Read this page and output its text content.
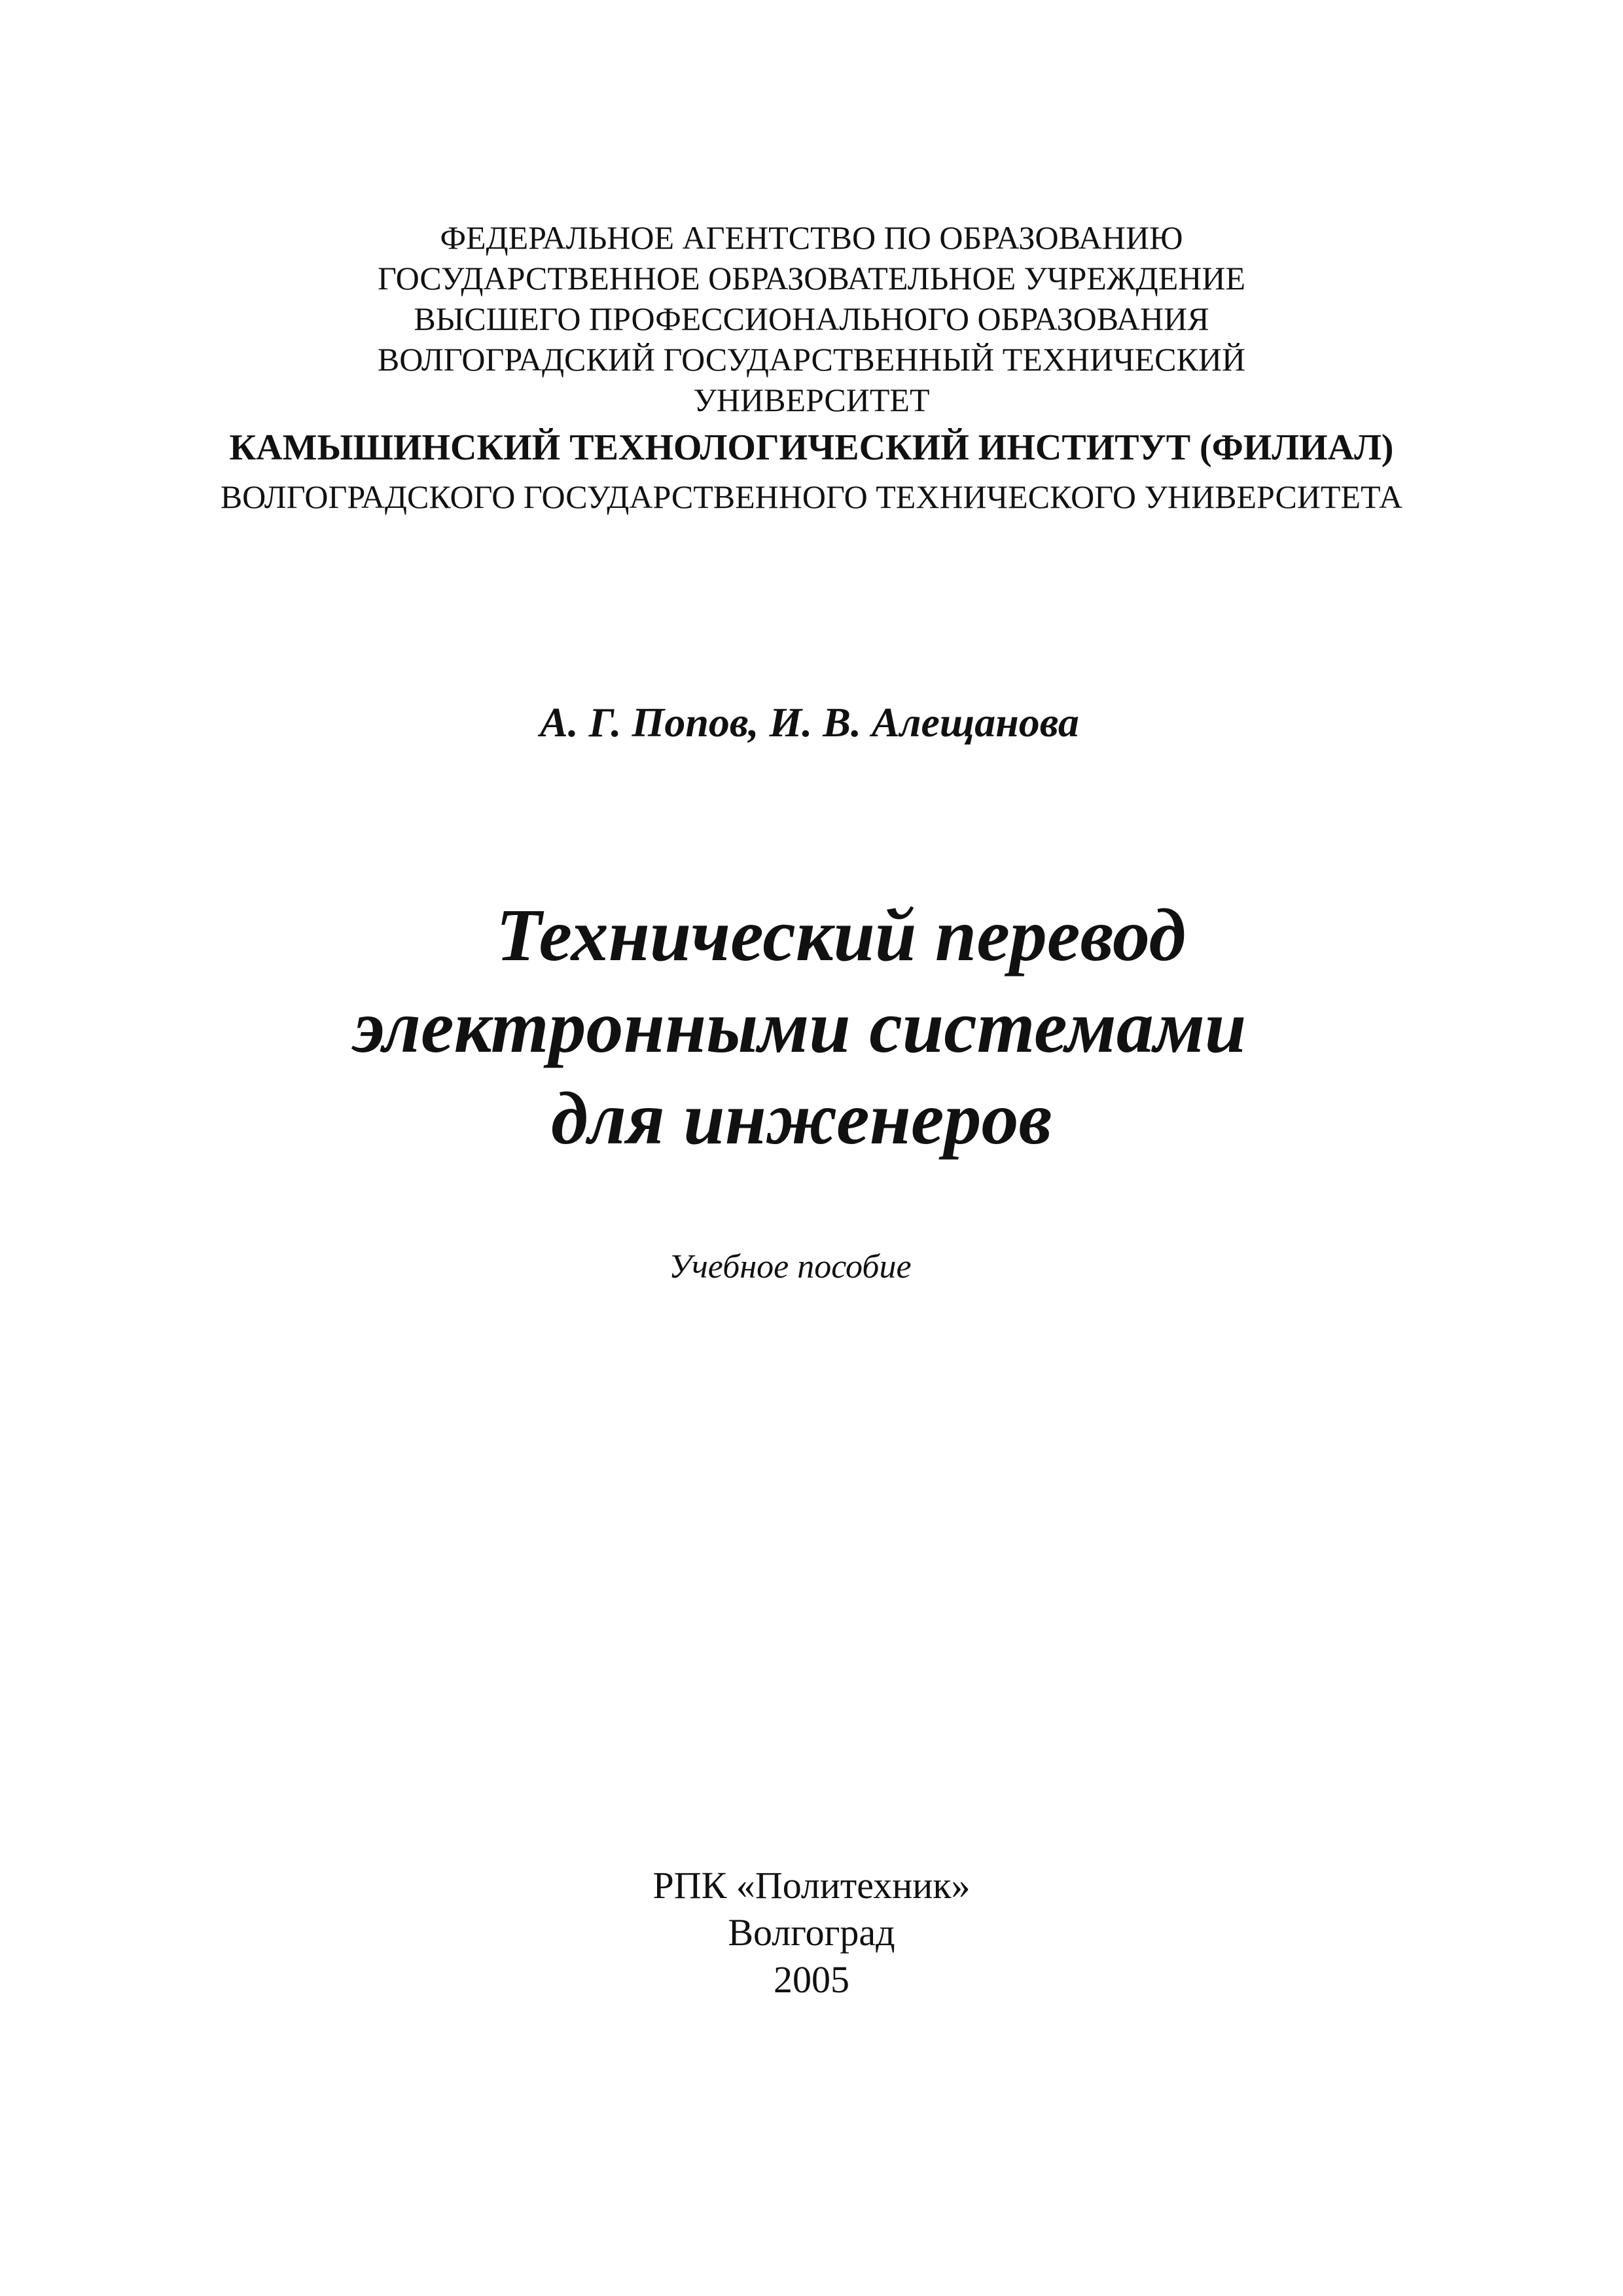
ФЕДЕРАЛЬНОЕ АГЕНТСТВО ПО ОБРАЗОВАНИЮ
ГОСУДАРСТВЕННОЕ ОБРАЗОВАТЕЛЬНОЕ УЧРЕЖДЕНИЕ
ВЫСШЕГО ПРОФЕССИОНАЛЬНОГО ОБРАЗОВАНИЯ
ВОЛГОГРАДСКИЙ ГОСУДАРСТВЕННЫЙ ТЕХНИЧЕСКИЙ
УНИВЕРСИТЕТ
КАМЫШИНСКИЙ ТЕХНОЛОГИЧЕСКИЙ ИНСТИТУТ (ФИЛИАЛ)
ВОЛГОГРАДСКОГО ГОСУДАРСТВЕННОГО ТЕХНИЧЕСКОГО УНИВЕРСИТЕТА
А. Г. Попов, И. В. Алещанова
Технический перевод
электронными системами
для инженеров
Учебное пособие
РПК «Политехник»
Волгоград
2005
